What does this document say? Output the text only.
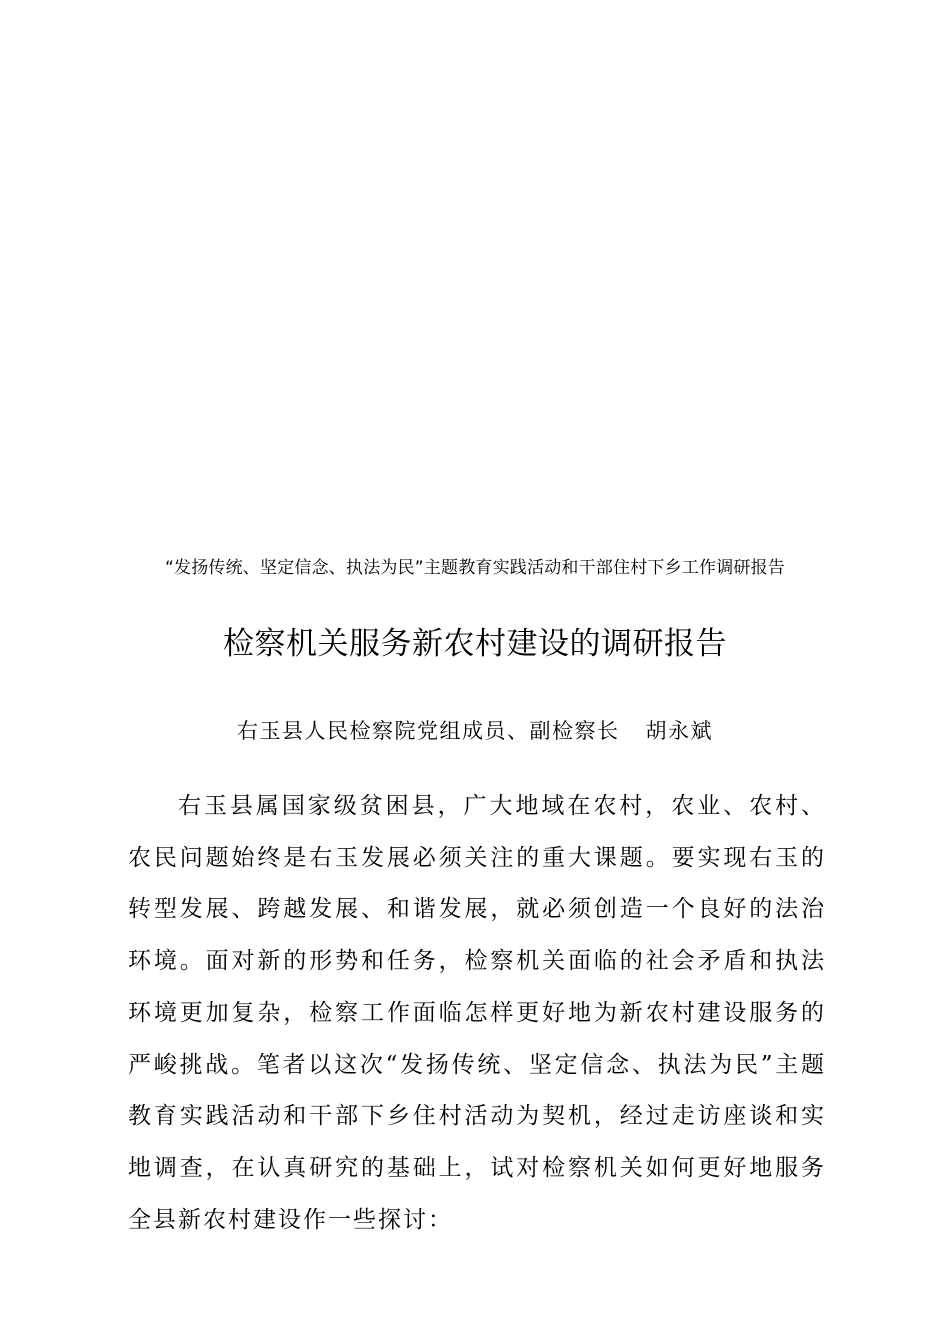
“发扬传统、坚定信念、执法为民”主题教育实践活动和干部住村下乡工作调研报告
检察机关服务新农村建设的调研报告
右玉县人民检察院党组成员、副检察长 胡永斌

右玉县属国家级贫困县，广大地域在农村，农业、农村、农民问题始终是右玉发展必须关注的重大课题。要实现右玉的转型发展、跨越发展、和谐发展，就必须创造一个良好的法治环境。面对新的形势和任务，检察机关面临的社会矛盾和执法环境更加复杂，检察工作面临怎样更好地为新农村建设服务的严峻挑战。笔者以这次“发扬传统、坚定信念、执法为民”主题教育实践活动和干部下乡住村活动为契机，经过走访座谈和实地调查，在认真研究的基础上，试对检察机关如何更好地服务全县新农村建设作一些探讨：
